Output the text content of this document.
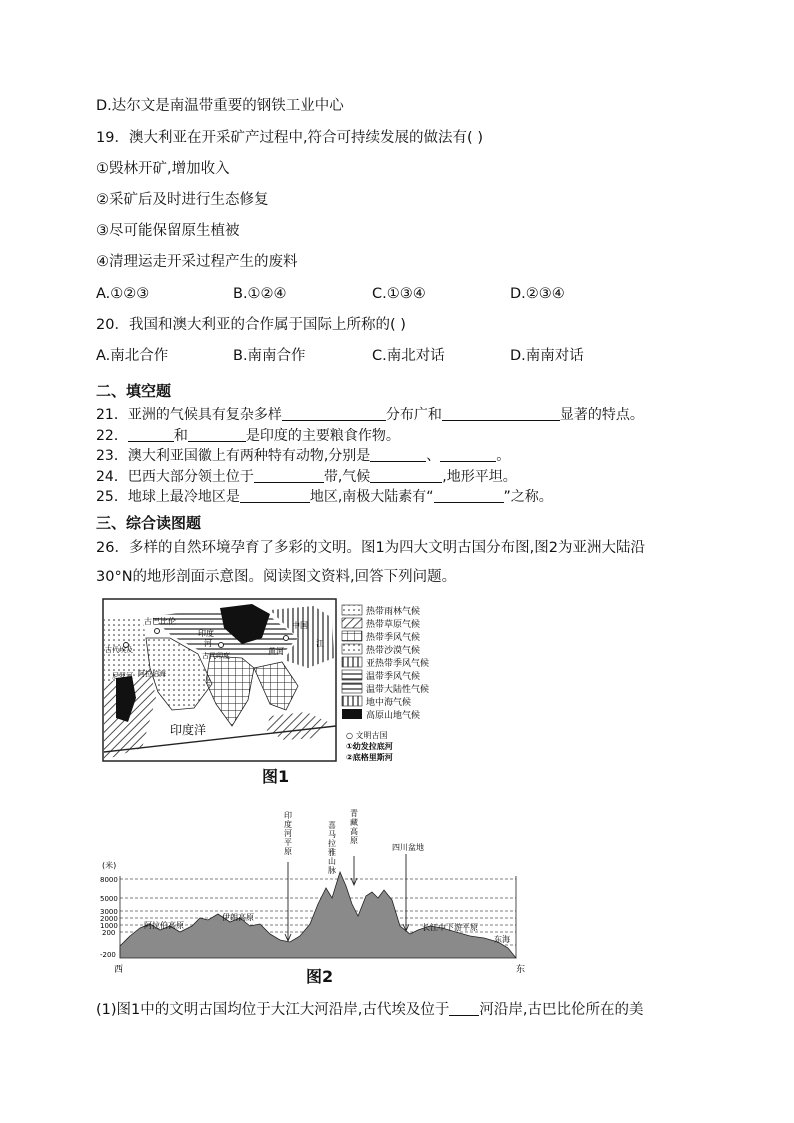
D.达尔文是南温带重要的钢铁工业中心
19．澳大利亚在开采矿产过程中,符合可持续发展的做法有( )
①毁林开矿,增加收入
②采矿后及时进行生态修复
③尽可能保留原生植被
④清理运走开采过程产生的废料
A.①②③	B.①②④	C.①③④	D.②③④
20．我国和澳大利亚的合作属于国际上所称的( )
A.南北合作	B.南南合作	C.南北对话	D.南南对话
二、填空题
21．亚洲的气候具有复杂多样	分布广和	显著的特点。
22．	和	是印度的主要粮食作物。
23．澳大利亚国徽上有两种特有动物,分别是	、	。
24．巴西大部分领土位于	带,气候	,地形平坦。
25．地球上最冷地区是	地区,南极大陆素有“	”之称。
三、综合读图题
26．多样的自然环境孕育了多彩的文明。图1为四大文明古国分布图,图2为亚洲大陆沿
30°N的地形剖面示意图。阅读图文资料,回答下列问题。
古巴比伦
古代埃及
尼罗河
印度
河
古代印度
中国
黄河
江
阿拉伯海
印度洋
热带雨林气候
热带草原气候
热带季风气候
热带沙漠气候
亚热带季风气候
温带季风气候
温带大陆性气候
地中海气候
高原山地气候
○ 文明古国
①幼发拉底河
②底格里斯河
图1
(米)
8000
5000
3000
2000
1000
200
-200
印度河平原
喜马拉雅山脉
青藏高原
四川盆地
阿拉伯高原
伊朗高原
长江中下游平原
东海
西	东
图2
(1)图1中的文明古国均位于大江大河沿岸,古代埃及位于 河沿岸,古巴比伦所在的美
